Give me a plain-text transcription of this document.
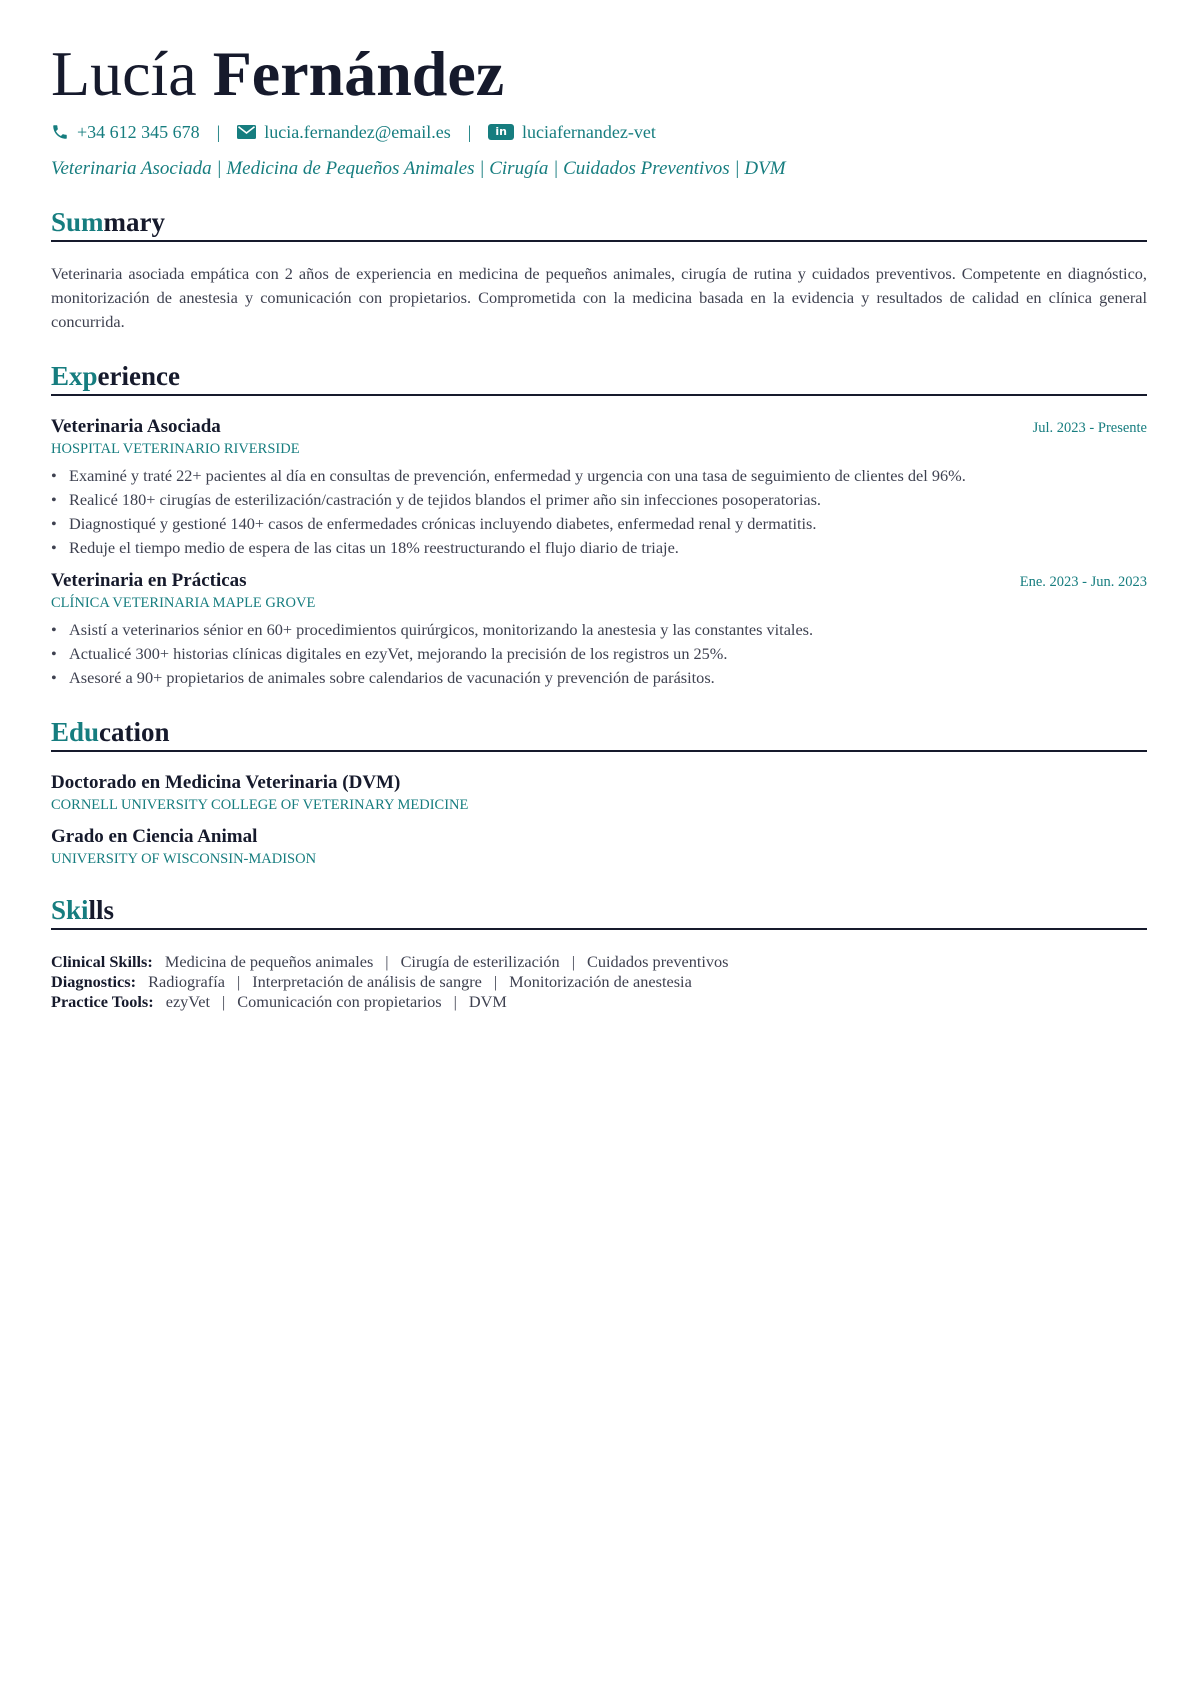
Lucía Fernández
+34 612 345 678 | lucia.fernandez@email.es |	in luciafernandez-vet
Veterinaria Asociada | Medicina de Pequeños Animales | Cirugía | Cuidados Preventivos | DVM
Summary
Veterinaria asociada empática con 2 años de experiencia en medicina de pequeños animales, cirugía de rutina y cuidados preventivos. Competente en diagnóstico, monitorización de anestesia y comunicación con propietarios. Comprometida con la medicina basada en la evidencia y resultados de calidad en clínica general concurrida.
Experience
Veterinaria Asociada	Jul. 2023 - Presente
HOSPITAL VETERINARIO RIVERSIDE
• Examiné y traté 22+ pacientes al día en consultas de prevención, enfermedad y urgencia con una tasa de seguimiento de clientes del 96%.
• Realicé 180+ cirugías de esterilización/castración y de tejidos blandos el primer año sin infecciones posoperatorias.
• Diagnostiqué y gestioné 140+ casos de enfermedades crónicas incluyendo diabetes, enfermedad renal y dermatitis.
• Reduje el tiempo medio de espera de las citas un 18% reestructurando el flujo diario de triaje.
Veterinaria en Prácticas	Ene. 2023 - Jun. 2023
CLÍNICA VETERINARIA MAPLE GROVE
• Asistí a veterinarios sénior en 60+ procedimientos quirúrgicos, monitorizando la anestesia y las constantes vitales.
• Actualicé 300+ historias clínicas digitales en ezyVet, mejorando la precisión de los registros un 25%.
• Asesoré a 90+ propietarios de animales sobre calendarios de vacunación y prevención de parásitos.
Education
Doctorado en Medicina Veterinaria (DVM)
CORNELL UNIVERSITY COLLEGE OF VETERINARY MEDICINE
Grado en Ciencia Animal
UNIVERSITY OF WISCONSIN-MADISON
Skills
Clinical Skills: Medicina de pequeños animales | Cirugía de esterilización | Cuidados preventivos
Diagnostics: Radiografía | Interpretación de análisis de sangre | Monitorización de anestesia
Practice Tools: ezyVet | Comunicación con propietarios | DVM
